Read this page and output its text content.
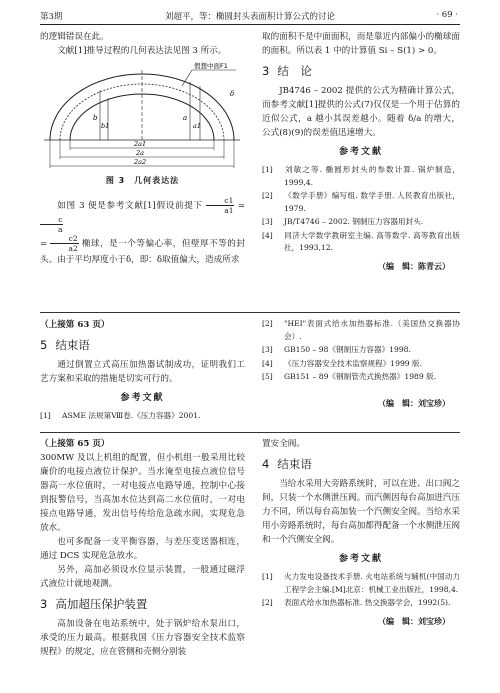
第3期	刘超平，等：椭圆封头表面积计算公式的讨论	· 69 ·

的逻辑错误在此。

文献[1]推导过程的几何表达法见图 3 所示。

假想中面F1
b
b1
a
a1
δ
2a1
2a
2a2
图 3　几何表达法

如图 3 便是参考文献[1]假设前提下 $\frac{c1}{a1}$ =
$\frac{c}{a}$

= $\frac{c2}{a2}$ 椭球，是一个等偏心率，但壁厚不等的封头。由于平均厚度小于δ，即：δ取值偏大，造成所求

取的面积不是中面面积，而是靠近内部偏小的椭球面的面积。所以表 1 中的计算值 Si – S(1) > 0。

3 结　论

JB4746 – 2002 提供的公式为精确计算公式，而参考文献[1]提供的公式(7)仅仅是一个用于估算的近似公式，a 越小其误差越小。随着 δ/a 的增大，公式(8)(9)的误差值迅速增大。

参考文献
[1] 刘敏之等. 椭圆形封头的参数计算. 锅炉制造，1999,4.
[2] 《数学手册》编写组. 数学手册. 人民教育出版社，1979.
[3] JB/T4746 – 2002. 钢制压力容器用封头.
[4] 同济大学数学教研室主编. 高等数学. 高等教育出版社，1993,12.
（编　辑：陈青云）
（上接第 63 页）
5 结束语

通过倒置立式高压加热器试制成功，证明我们工艺方案和采取的措施是切实可行的。

参考文献
[1] ASME 法规第Ⅷ卷.《压力容器》2001.
[2] "HEI"表面式给水加热器标准.（美国热交换器协会）.
[3] GB150 – 98《钢制压力容器》1998.
[4] 《压力容器安全技术监察规程》1999 版.
[5] GB151 – 89《钢制管壳式换热器》1989 版.
（编　辑：刘宝珍）
（上接第 65 页）

300MW 及以上机组的配置，但小机组一般采用比较廉价的电接点液位计保护。当水淹至电接点液位信号器高一水位值时，一对电接点电路导通，控制中心接到报警信号，当高加水位达到高二水位值时，一对电接点电路导通，发出信号传给危急疏水阀，实现危急放水。

也可多配备一支平衡容器，与差压变送器相连，通过 DCS 实现危急放水。

另外，高加必须设水位显示装置，一般通过磁浮式液位计就地观测。

3 高加超压保护装置

高加设备在电站系统中，处于锅炉给水泵出口，承受的压力最高。根据我国《压力容器安全技术监察规程》的规定，应在管侧和壳侧分别装

置安全阀。

4 结束语

当给水采用大旁路系统时，可以在进、出口阀之间，只装一个水侧泄压阀。而汽侧因每台高加进汽压力不同，所以每台高加装一个汽侧安全阀。当给水采用小旁路系统时，每台高加都得配备一个水侧泄压阀和一个汽侧安全阀。

参考文献
[1] 火力发电设备技术手册. 火电站系统与辅机(中国动力工程学会主编.[M]北京：机械工业出版社，1998,4.
[2] 表面式给水加热器标准. 热交换器学会，1992(5).
（编　辑：刘宝珍）
